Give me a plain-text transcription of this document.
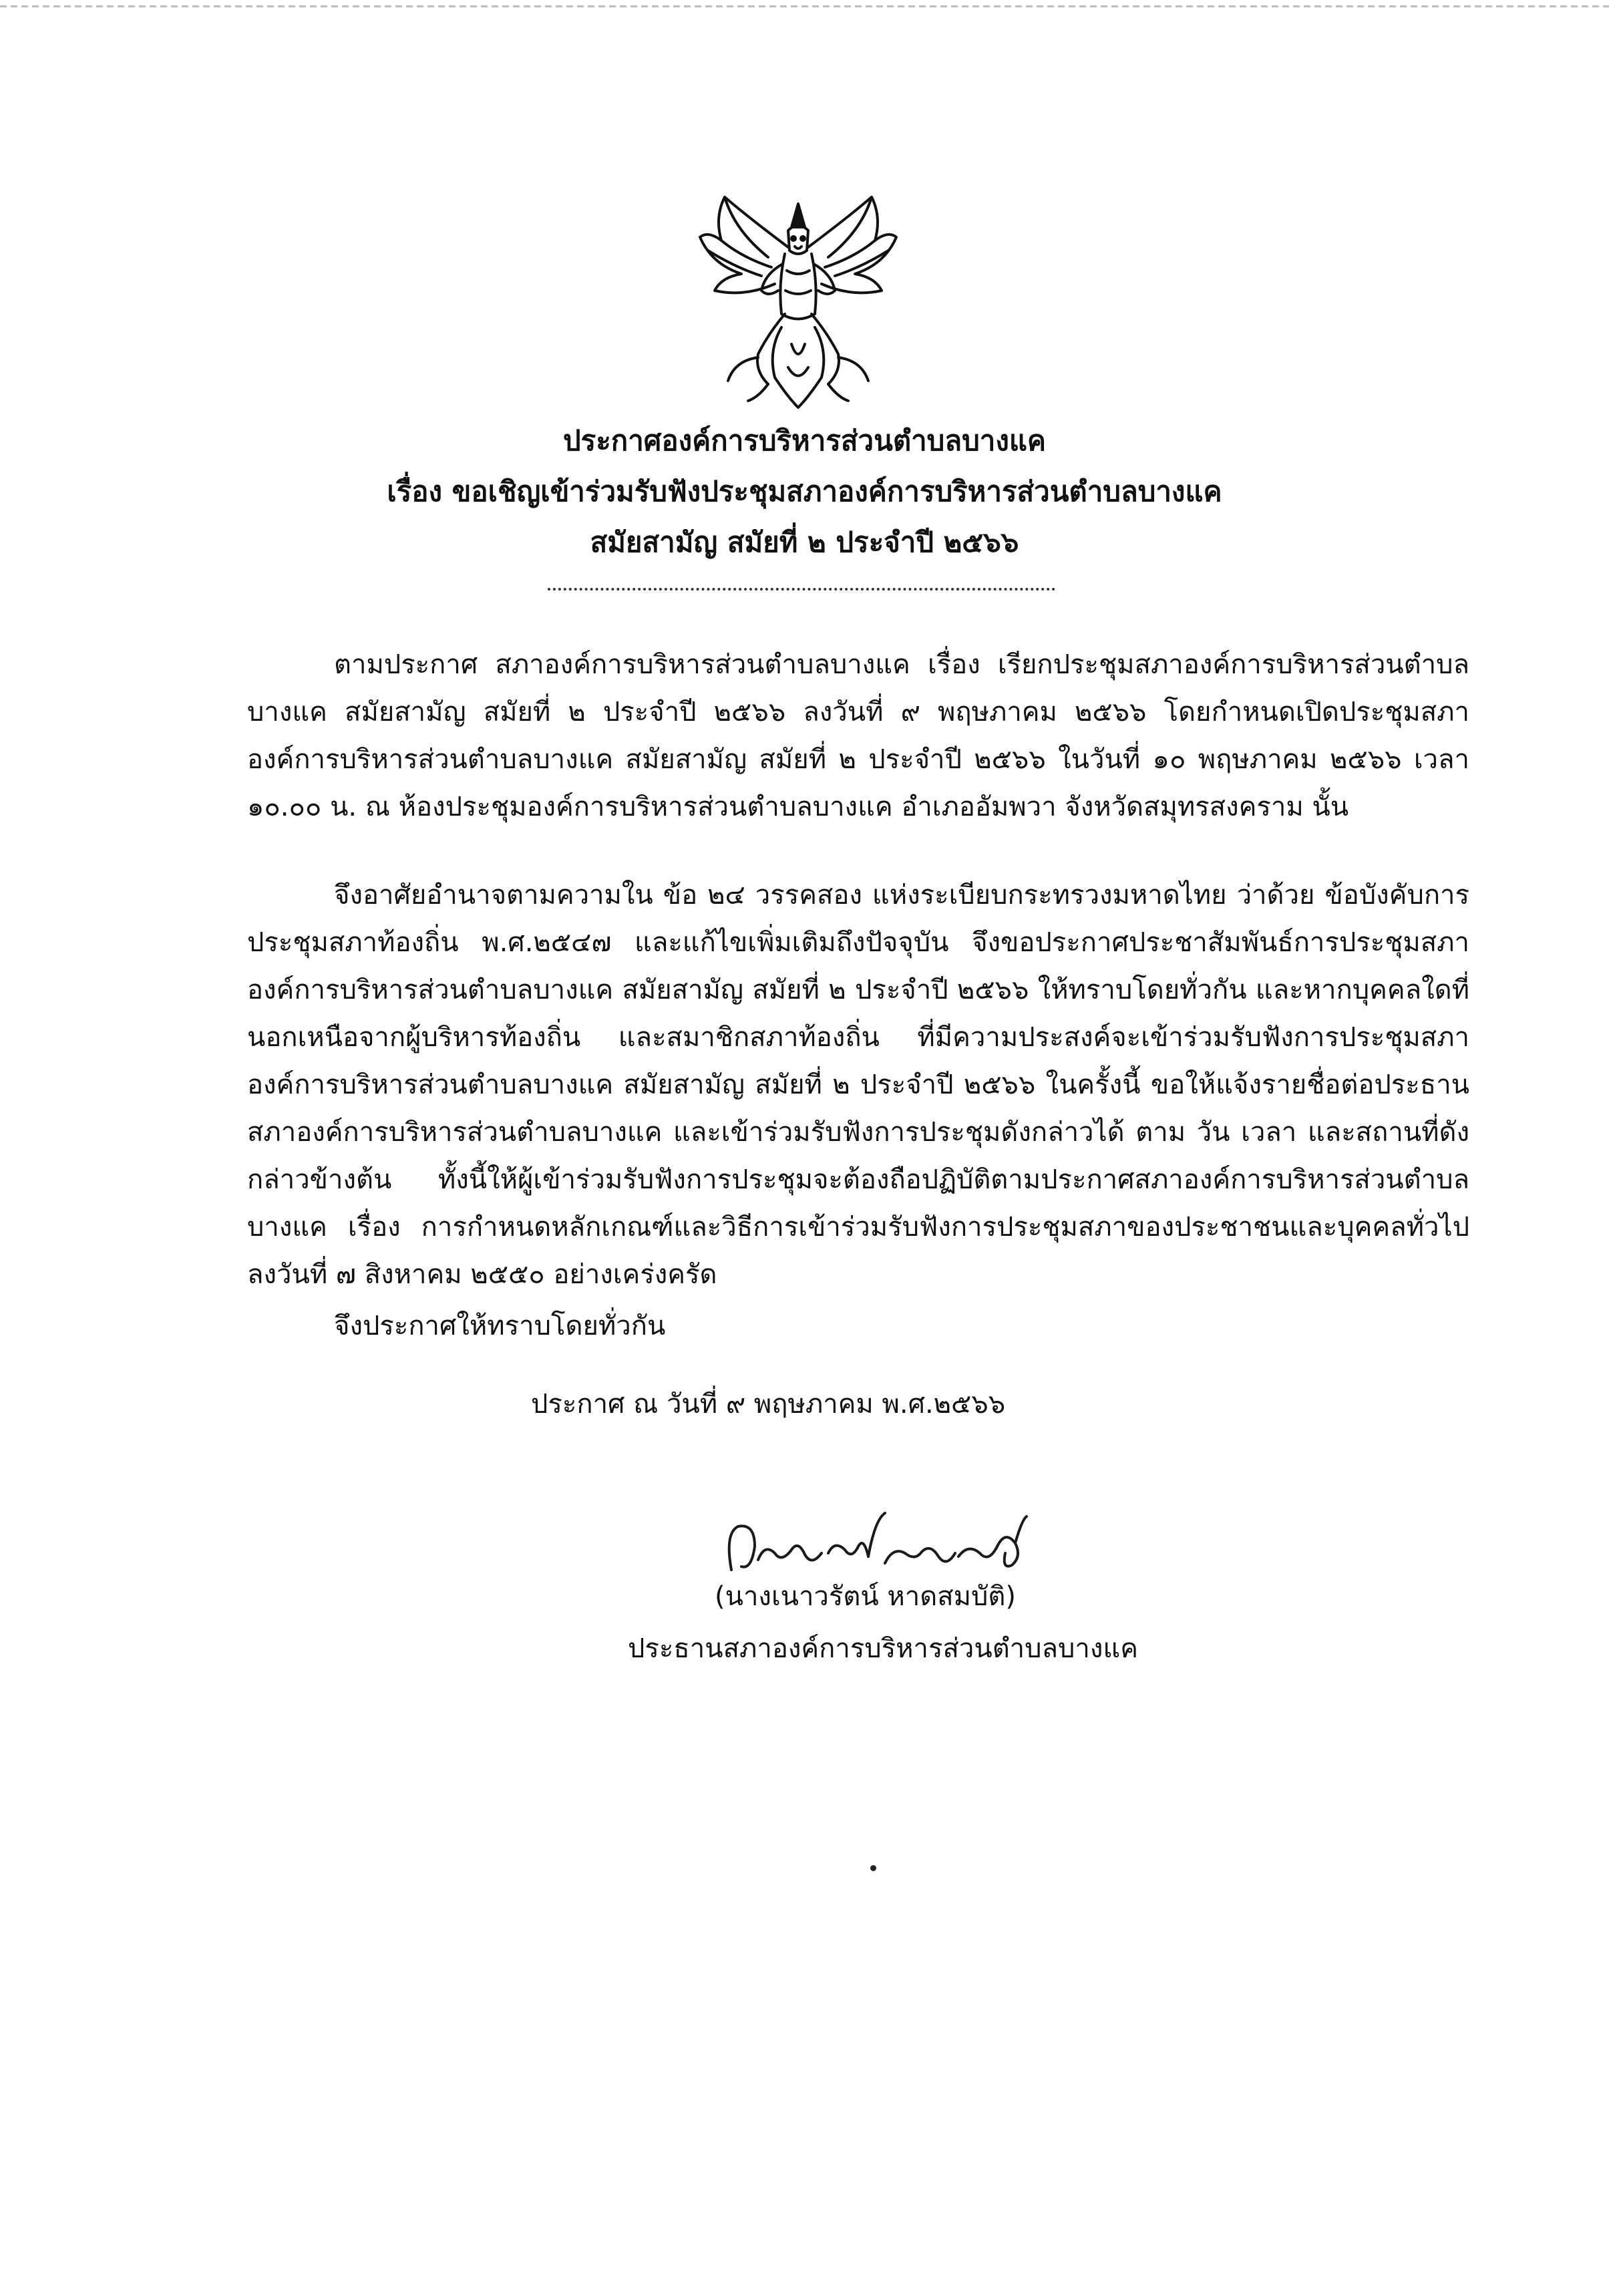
ประกาศองค์การบริหารส่วนตำบลบางแค
เรื่อง ขอเชิญเข้าร่วมรับฟังประชุมสภาองค์การบริหารส่วนตำบลบางแค
สมัยสามัญ สมัยที่ ๒ ประจำปี ๒๕๖๖
ตามประกาศ สภาองค์การบริหารส่วนตำบลบางแค เรื่อง เรียกประชุมสภาองค์การบริหารส่วนตำบลบางแค สมัยสามัญ สมัยที่ ๒ ประจำปี ๒๕๖๖ ลงวันที่ ๙ พฤษภาคม ๒๕๖๖ โดยกำหนดเปิดประชุมสภาองค์การบริหารส่วนตำบลบางแค สมัยสามัญ สมัยที่ ๒ ประจำปี ๒๕๖๖ ในวันที่ ๑๐ พฤษภาคม ๒๕๖๖ เวลา ๑๐.๐๐ น. ณ ห้องประชุมองค์การบริหารส่วนตำบลบางแค อำเภออัมพวา จังหวัดสมุทรสงคราม นั้น
จึงอาศัยอำนาจตามความใน ข้อ ๒๔ วรรคสอง แห่งระเบียบกระทรวงมหาดไทย ว่าด้วย ข้อบังคับการประชุมสภาท้องถิ่น พ.ศ.๒๕๔๗ และแก้ไขเพิ่มเติมถึงปัจจุบัน จึงขอประกาศประชาสัมพันธ์การประชุมสภาองค์การบริหารส่วนตำบลบางแค สมัยสามัญ สมัยที่ ๒ ประจำปี ๒๕๖๖ ให้ทราบโดยทั่วกัน และหากบุคคลใดที่นอกเหนือจากผู้บริหารท้องถิ่น และสมาชิกสภาท้องถิ่น ที่มีความประสงค์จะเข้าร่วมรับฟังการประชุมสภาองค์การบริหารส่วนตำบลบางแค สมัยสามัญ สมัยที่ ๒ ประจำปี ๒๕๖๖ ในครั้งนี้ ขอให้แจ้งรายชื่อต่อประธานสภาองค์การบริหารส่วนตำบลบางแค และเข้าร่วมรับฟังการประชุมดังกล่าวได้ ตาม วัน เวลา และสถานที่ดังกล่าวข้างต้น ทั้งนี้ให้ผู้เข้าร่วมรับฟังการประชุมจะต้องถือปฏิบัติตามประกาศสภาองค์การบริหารส่วนตำบลบางแค เรื่อง การกำหนดหลักเกณฑ์และวิธีการเข้าร่วมรับฟังการประชุมสภาของประชาชนและบุคคลทั่วไป ลงวันที่ ๗ สิงหาคม ๒๕๕๐ อย่างเคร่งครัด
จึงประกาศให้ทราบโดยทั่วกัน
ประกาศ ณ วันที่ ๙ พฤษภาคม พ.ศ.๒๕๖๖
(นางเนาวรัตน์ หาดสมบัติ)
ประธานสภาองค์การบริหารส่วนตำบลบางแค
